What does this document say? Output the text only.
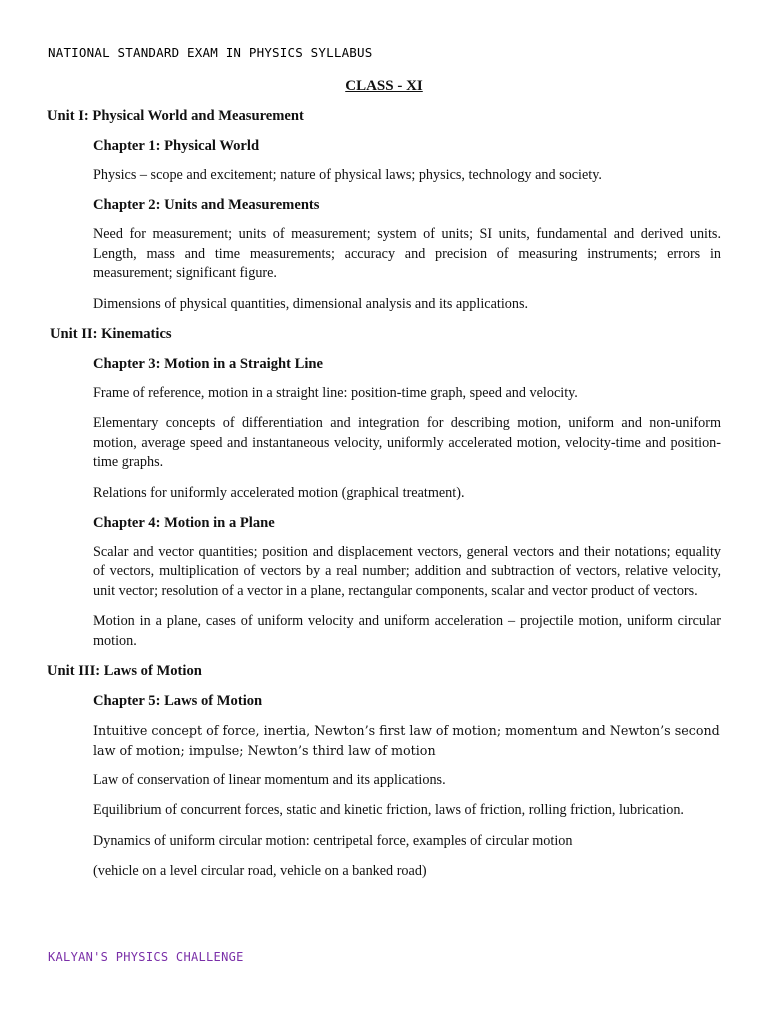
NATIONAL STANDARD EXAM IN PHYSICS SYLLABUS
CLASS - XI
Unit I: Physical World and Measurement
Chapter 1: Physical World

Physics – scope and excitement; nature of physical laws; physics, technology and society.

Chapter 2: Units and Measurements

Need for measurement; units of measurement; system of units; SI units, fundamental and derived units. Length, mass and time measurements; accuracy and precision of measuring instruments; errors in measurement; significant figure.

Dimensions of physical quantities, dimensional analysis and its applications.

Unit II: Kinematics
Chapter 3: Motion in a Straight Line

Frame of reference, motion in a straight line: position-time graph, speed and velocity.

Elementary concepts of differentiation and integration for describing motion, uniform and non-uniform motion, average speed and instantaneous velocity, uniformly accelerated motion, velocity-time and position-time graphs.

Relations for uniformly accelerated motion (graphical treatment).

Chapter 4: Motion in a Plane

Scalar and vector quantities; position and displacement vectors, general vectors and their notations; equality of vectors, multiplication of vectors by a real number; addition and subtraction of vectors, relative velocity, unit vector; resolution of a vector in a plane, rectangular components, scalar and vector product of vectors.

Motion in a plane, cases of uniform velocity and uniform acceleration – projectile motion, uniform circular motion.

Unit III: Laws of Motion
Chapter 5: Laws of Motion

Intuitive concept of force, inertia, Newton’s first law of motion; momentum and Newton’s second law of motion; impulse; Newton’s third law of motion

Law of conservation of linear momentum and its applications.

Equilibrium of concurrent forces, static and kinetic friction, laws of friction, rolling friction, lubrication.

Dynamics of uniform circular motion: centripetal force, examples of circular motion

(vehicle on a level circular road, vehicle on a banked road)

KALYAN'S PHYSICS CHALLENGE
